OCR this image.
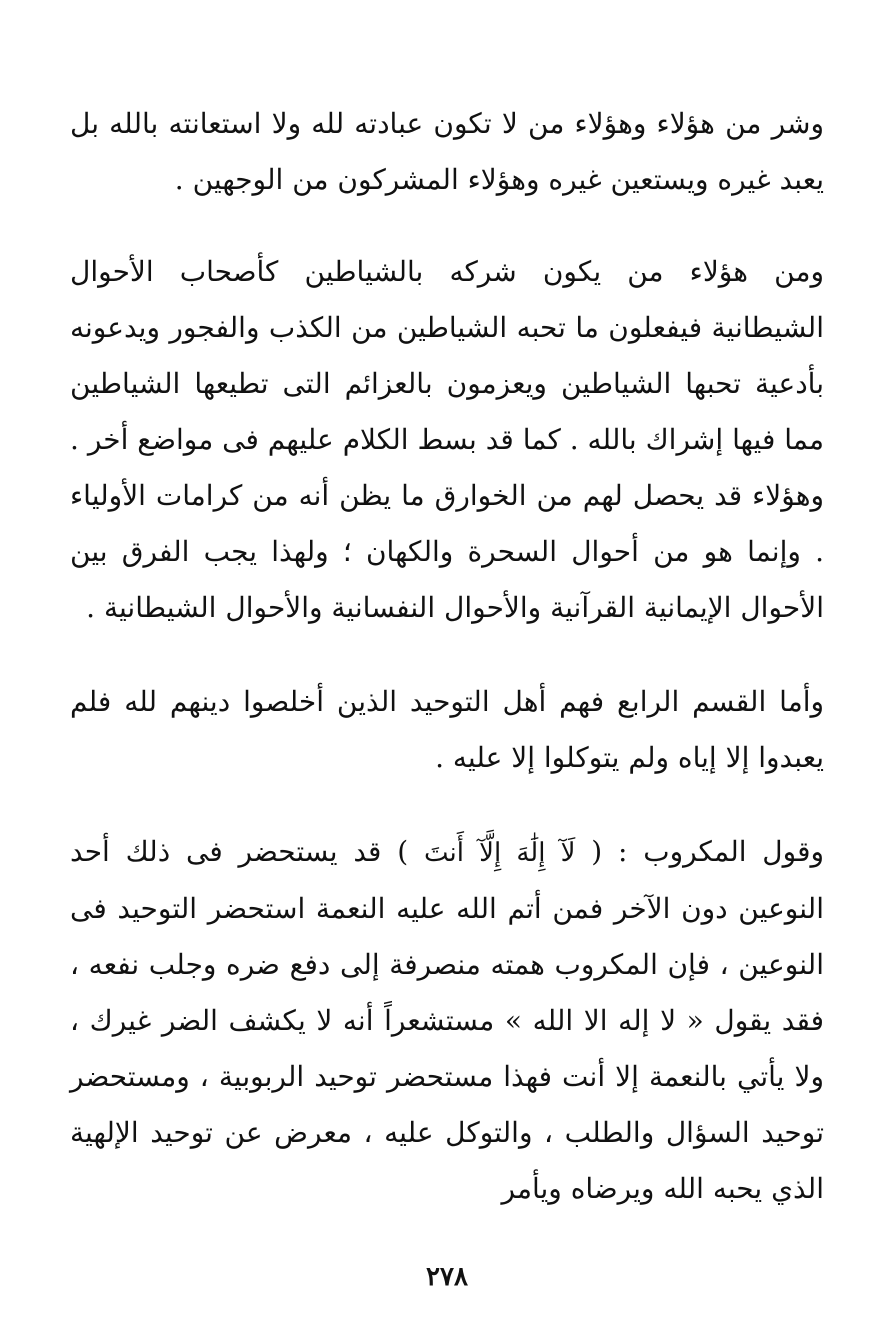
وشر من هؤلاء وهؤلاء من لا تكون عبادته لله ولا استعانته بالله بل يعبد غيره ويستعين غيره وهؤلاء المشركون من الوجهين .

ومن هؤلاء من يكون شركه بالشياطين كأصحاب الأحوال الشيطانية فيفعلون ما تحبه الشياطين من الكذب والفجور ويدعونه بأدعية تحبها الشياطين ويعزمون بالعزائم التى تطيعها الشياطين مما فيها إشراك بالله . كما قد بسط الكلام عليهم فى مواضع أخر . وهؤلاء قد يحصل لهم من الخوارق ما يظن أنه من كرامات الأولياء . وإنما هو من أحوال السحرة والكهان ؛ ولهذا يجب الفرق بين الأحوال الإيمانية القرآنية والأحوال النفسانية والأحوال الشيطانية .

وأما القسم الرابع فهم أهل التوحيد الذين أخلصوا دينهم لله فلم يعبدوا إلا إياه ولم يتوكلوا إلا عليه .

وقول المكروب : ( لَآ إِلَٰهَ إِلَّآ أَنتَ ) قد يستحضر فى ذلك أحد النوعين دون الآخر فمن أتم الله عليه النعمة استحضر التوحيد فى النوعين ، فإن المكروب همته منصرفة إلى دفع ضره وجلب نفعه ، فقد يقول « لا إله الا الله » مستشعراً أنه لا يكشف الضر غيرك ، ولا يأتي بالنعمة إلا أنت فهذا مستحضر توحيد الربوبية ، ومستحضر توحيد السؤال والطلب ، والتوكل عليه ، معرض عن توحيد الإلهية الذي يحبه الله ويرضاه ويأمر

٢٧٨
